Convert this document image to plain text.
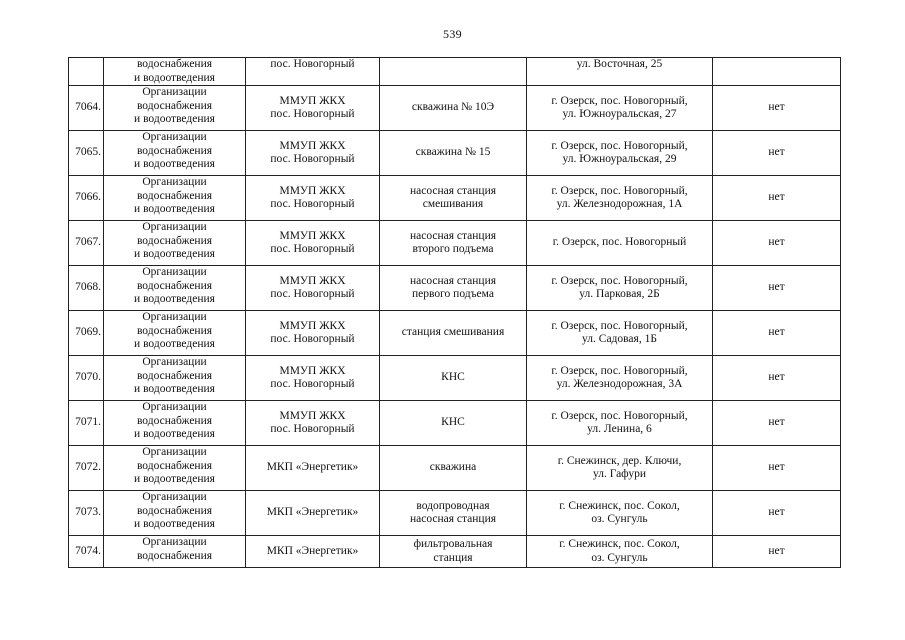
539

	водоснабжения
и водоотведения	пос. Новогорный		ул. Восточная, 25	

7064.	Организации
водоснабжения
и водоотведения	ММУП ЖКХ
пос. Новогорный	скважина № 10Э	г. Озерск, пос. Новогорный,
ул. Южноуральская, 27	нет
7065.	Организации
водоснабжения
и водоотведения	ММУП ЖКХ
пос. Новогорный	скважина № 15	г. Озерск, пос. Новогорный,
ул. Южноуральская, 29	нет
7066.	Организации
водоснабжения
и водоотведения	ММУП ЖКХ
пос. Новогорный	насосная станция
смешивания	г. Озерск, пос. Новогорный,
ул. Железнодорожная, 1А	нет
7067.	Организации
водоснабжения
и водоотведения	ММУП ЖКХ
пос. Новогорный	насосная станция
второго подъема	г. Озерск, пос. Новогорный	нет
7068.	Организации
водоснабжения
и водоотведения	ММУП ЖКХ
пос. Новогорный	насосная станция
первого подъема	г. Озерск, пос. Новогорный,
ул. Парковая, 2Б	нет
7069.	Организации
водоснабжения
и водоотведения	ММУП ЖКХ
пос. Новогорный	станция смешивания	г. Озерск, пос. Новогорный,
ул. Садовая, 1Б	нет
7070.	Организации
водоснабжения
и водоотведения	ММУП ЖКХ
пос. Новогорный	КНС	г. Озерск, пос. Новогорный,
ул. Железнодорожная, 3А	нет
7071.	Организации
водоснабжения
и водоотведения	ММУП ЖКХ
пос. Новогорный	КНС	г. Озерск, пос. Новогорный,
ул. Ленина, 6	нет
7072.	Организации
водоснабжения
и водоотведения	МКП «Энергетик»	скважина	г. Снежинск, дер. Ключи,
ул. Гафури	нет
7073.	Организации
водоснабжения
и водоотведения	МКП «Энергетик»	водопроводная
насосная станция	г. Снежинск, пос. Сокол,
оз. Сунгуль	нет
7074.	Организации
водоснабжения	МКП «Энергетик»	фильтровальная
станция	г. Снежинск, пос. Сокол,
оз. Сунгуль	нет
